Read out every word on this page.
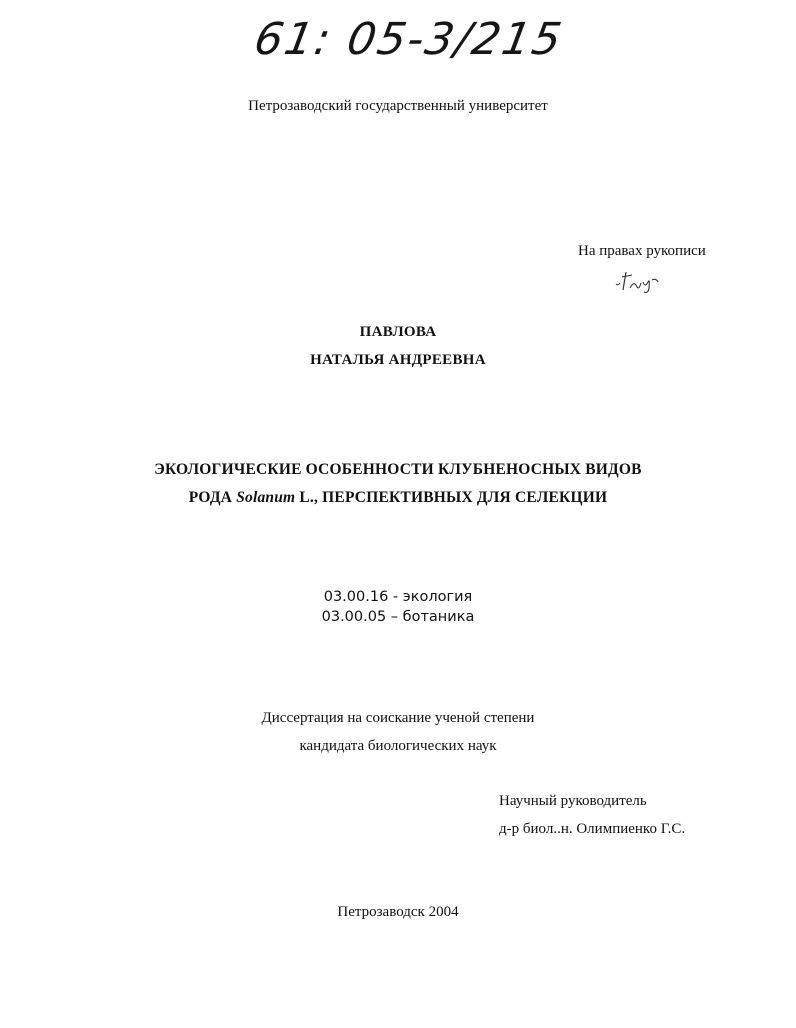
61: 05-3/215
Петрозаводский государственный университет
На правах рукописи
ПАВЛОВА
НАТАЛЬЯ АНДРЕЕВНА
ЭКОЛОГИЧЕСКИЕ ОСОБЕННОСТИ КЛУБНЕНОСНЫХ ВИДОВ
РОДА Solanum L., ПЕРСПЕКТИВНЫХ ДЛЯ СЕЛЕКЦИИ
03.00.16 - экология
03.00.05 – ботаника
Диссертация на соискание ученой степени
кандидата биологических наук
Научный руководитель
д-р биол..н. Олимпиенко Г.С.
Петрозаводск 2004
